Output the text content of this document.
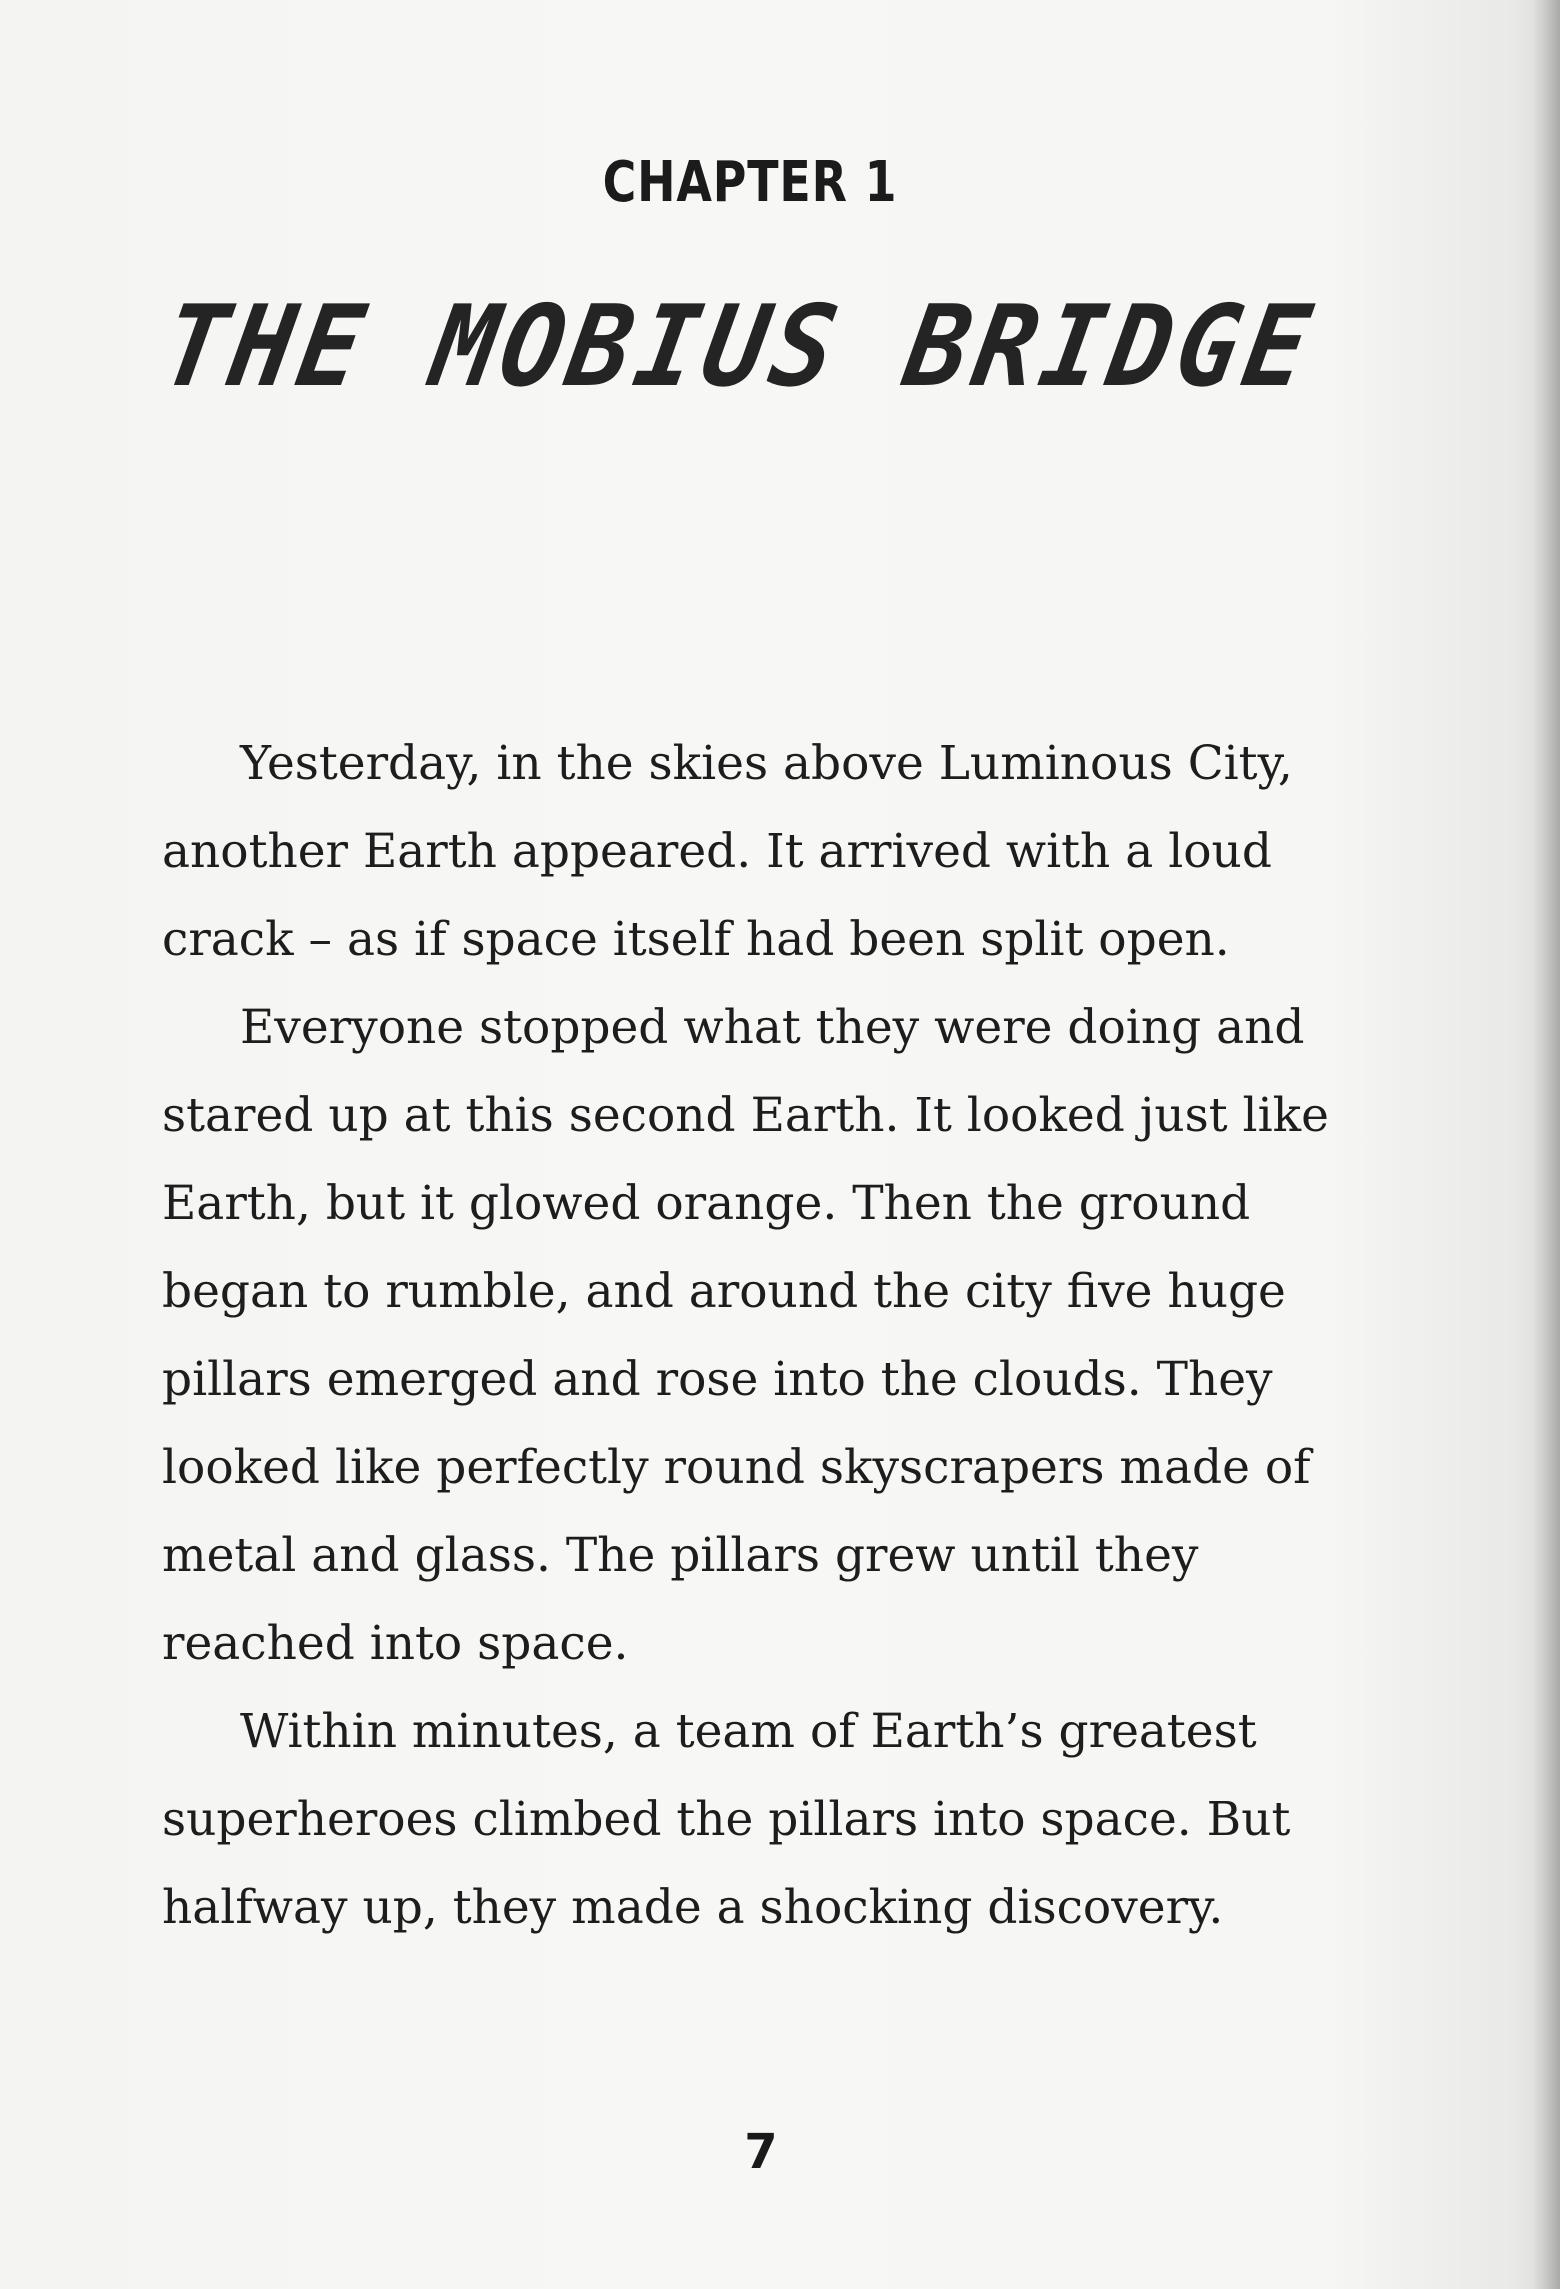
CHAPTER 1
THE MOBIUS BRIDGE

Yesterday, in the skies above Luminous City, another Earth appeared. It arrived with a loud crack – as if space itself had been split open.

Everyone stopped what they were doing and stared up at this second Earth. It looked just like Earth, but it glowed orange. Then the ground began to rumble, and around the city five huge pillars emerged and rose into the clouds. They looked like perfectly round skyscrapers made of metal and glass. The pillars grew until they reached into space.

Within minutes, a team of Earth’s greatest superheroes climbed the pillars into space. But halfway up, they made a shocking discovery.

7
